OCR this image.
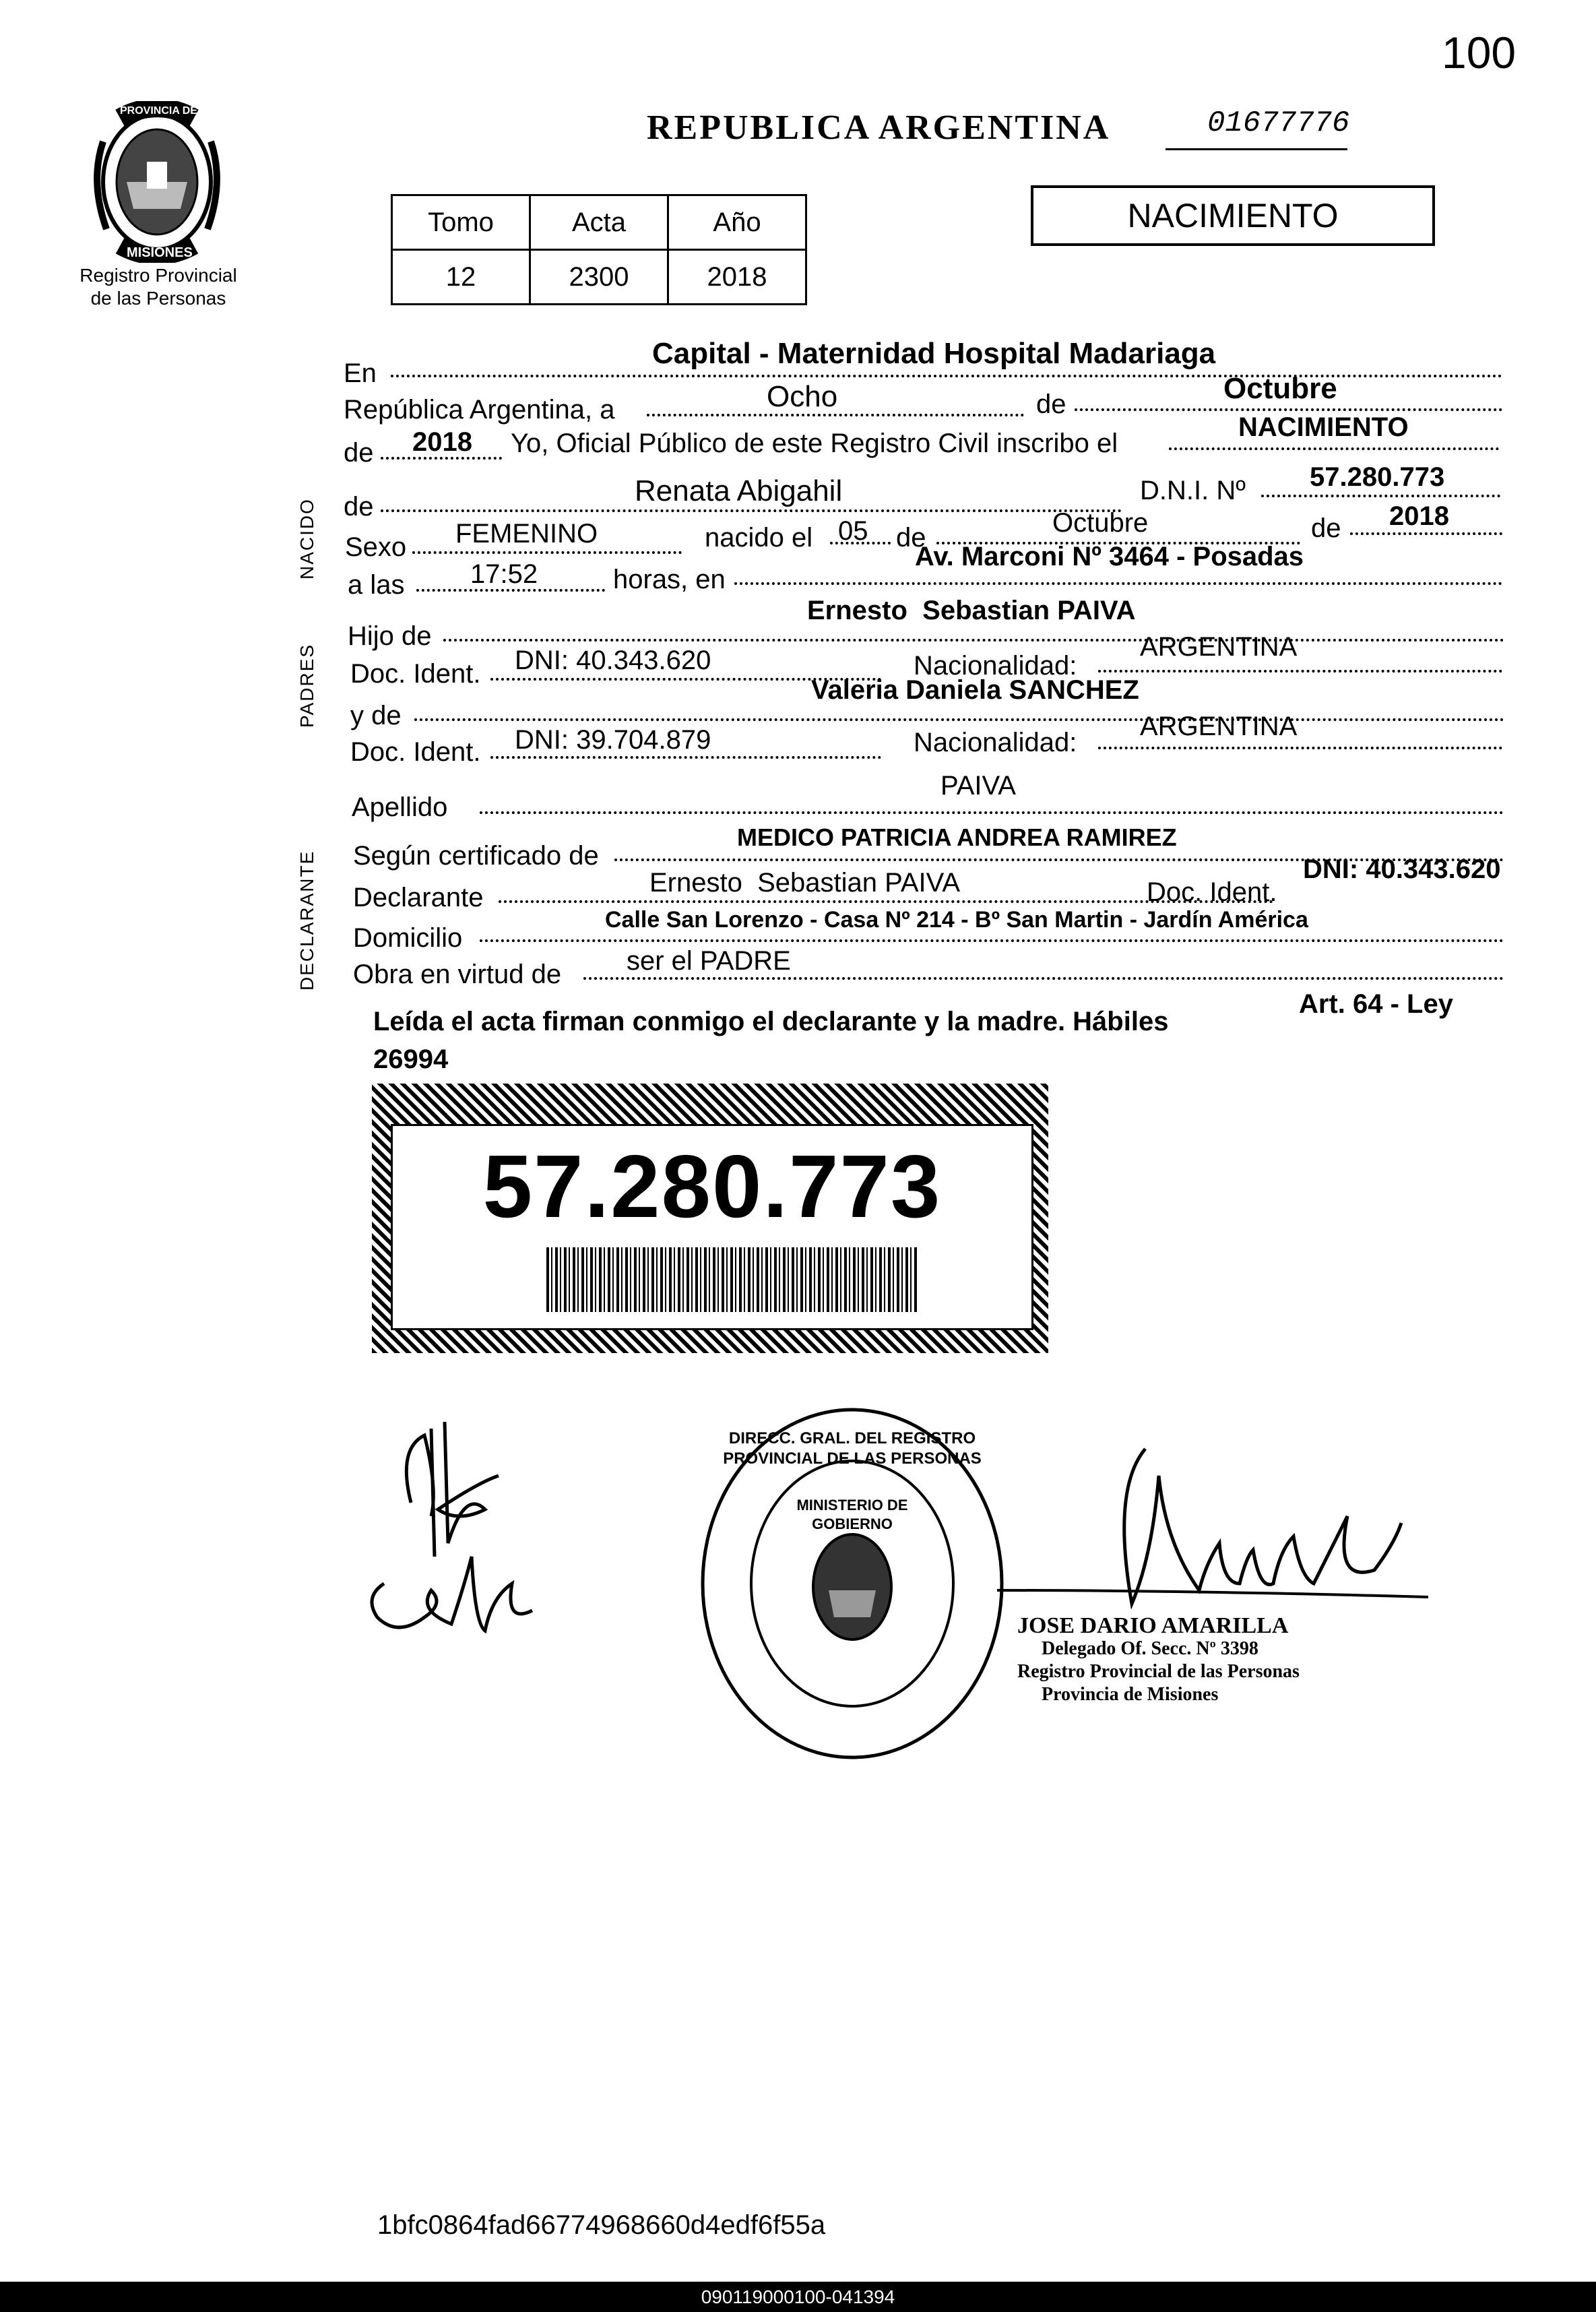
100
PROVINCIA DE
MISIONES
Registro Provincial
de las Personas
REPUBLICA ARGENTINA	01677776
Tomo	Acta	Año
12	2300	2018
NACIMIENTO
NACIDO
PADRES
DECLARANTE
En
Capital - Maternidad Hospital Madariaga
República Argentina, a	Ocho	de	Octubre
de 2018 Yo, Oficial Público de este Registro Civil inscribo el
NACIMIENTO
de	Renata Abigahil	D.N.I. Nº 57.280.773
Sexo FEMENINO	nacido el 05 de	Octubre	de 2018
a las 17:52	horas, en
Av. Marconi Nº 3464 - Posadas
Hijo de
Ernesto  Sebastian PAIVA
Doc. Ident. DNI: 40.343.620	Nacionalidad:
ARGENTINA
y de
Valeria Daniela SANCHEZ
Doc. Ident. DNI: 39.704.879	Nacionalidad:
ARGENTINA
Apellido
PAIVA
Según certificado de
MEDICO PATRICIA ANDREA RAMIREZ
Declarante	Ernesto  Sebastian PAIVA	Doc. Ident.
DNI: 40.343.620
Domicilio
Calle San Lorenzo - Casa Nº 214 - Bº San Martin - Jardín América
Obra en virtud de ser el PADRE
Leída el acta firman conmigo el declarante y la madre. Hábiles
Art. 64 - Ley
26994
57.280.773
DIRECC. GRAL. DEL REGISTRO PROVINCIAL DE LAS PERSONAS
MINISTERIO DE GOBIERNO
JOSE DARIO AMARILLA
Delegado Of. Secc. Nº 3398
Registro Provincial de las Personas
Provincia de Misiones
1bfc0864fad66774968660d4edf6f55a
090119000100-041394
